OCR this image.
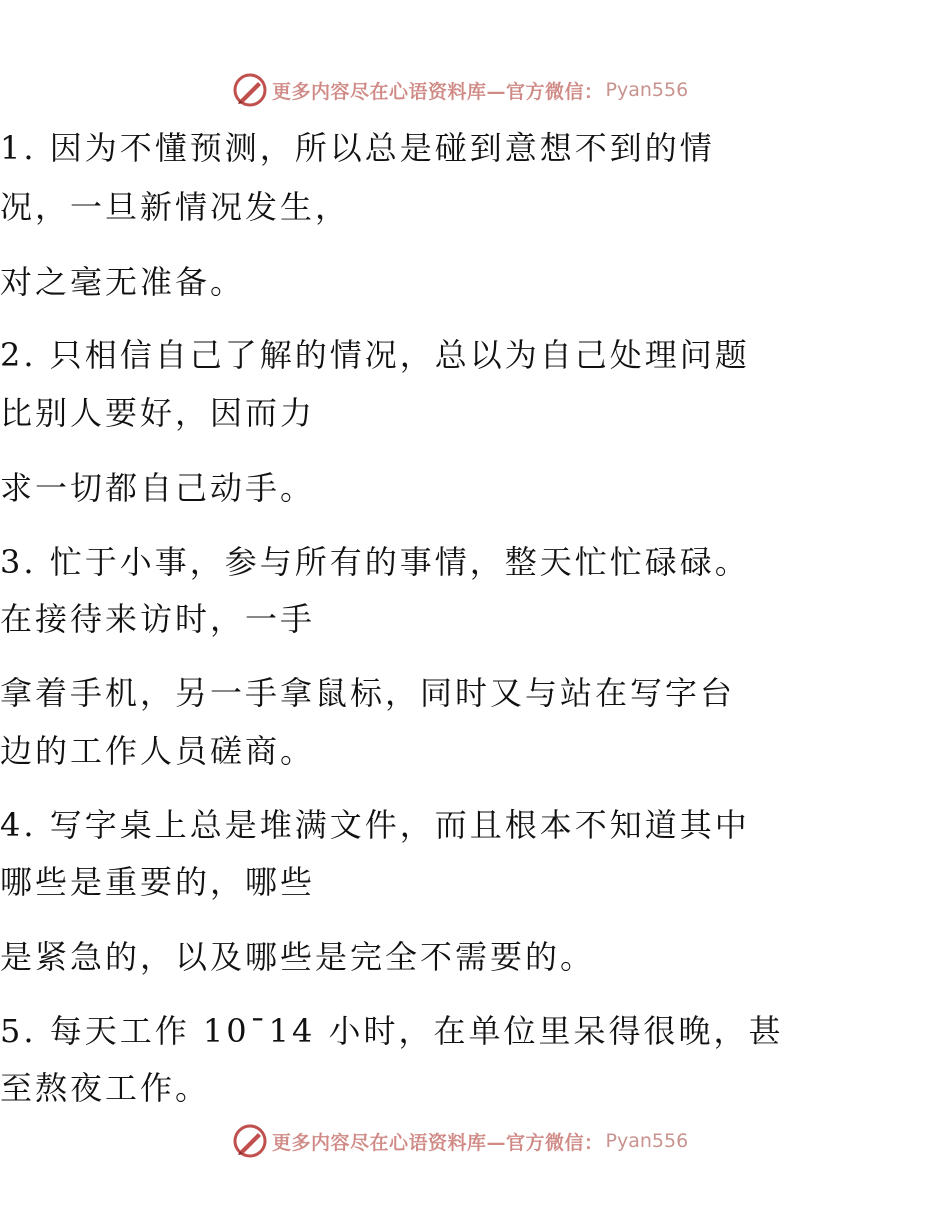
更多内容尽在心语资料库—官方微信： Pyan556
1. 因为不懂预测，所以总是碰到意想不到的情
况，一旦新情况发生，
对之毫无准备。
2. 只相信自己了解的情况，总以为自己处理问题
比别人要好，因而力
求一切都自己动手。
3. 忙于小事，参与所有的事情，整天忙忙碌碌。
在接待来访时，一手
拿着手机，另一手拿鼠标，同时又与站在写字台
边的工作人员磋商。
4. 写字桌上总是堆满文件，而且根本不知道其中
哪些是重要的，哪些
是紧急的，以及哪些是完全不需要的。
5. 每天工作 10¯14 小时，在单位里呆得很晚，甚
至熬夜工作。
更多内容尽在心语资料库—官方微信： Pyan556
